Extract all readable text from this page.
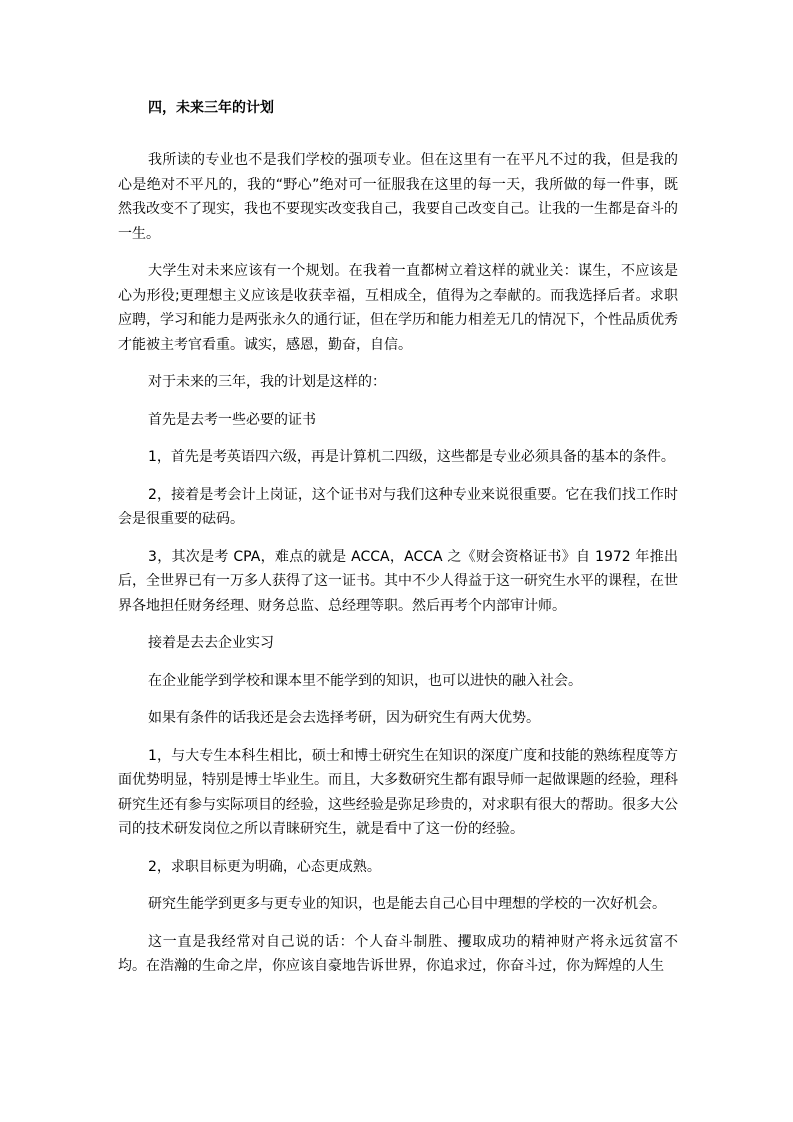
四，未来三年的计划

我所读的专业也不是我们学校的强项专业。但在这里有一在平凡不过的我，但是我的心是绝对不平凡的，我的“野心”绝对可一征服我在这里的每一天，我所做的每一件事，既然我改变不了现实，我也不要现实改变我自己，我要自己改变自己。让我的一生都是奋斗的一生。

大学生对未来应该有一个规划。在我着一直都树立着这样的就业关：谋生，不应该是心为形役;更理想主义应该是收获幸福，互相成全，值得为之奉献的。而我选择后者。求职应聘，学习和能力是两张永久的通行证，但在学历和能力相差无几的情况下，个性品质优秀才能被主考官看重。诚实，感恩，勤奋，自信。

对于未来的三年，我的计划是这样的：

首先是去考一些必要的证书

1，首先是考英语四六级，再是计算机二四级，这些都是专业必须具备的基本的条件。

2，接着是考会计上岗证，这个证书对与我们这种专业来说很重要。它在我们找工作时会是很重要的砝码。

3，其次是考 CPA，难点的就是 ACCA，ACCA 之《财会资格证书》自 1972 年推出后，全世界已有一万多人获得了这一证书。其中不少人得益于这一研究生水平的课程，在世界各地担任财务经理、财务总监、总经理等职。然后再考个内部审计师。

接着是去去企业实习

在企业能学到学校和课本里不能学到的知识，也可以进快的融入社会。

如果有条件的话我还是会去选择考研，因为研究生有两大优势。

1，与大专生本科生相比，硕士和博士研究生在知识的深度广度和技能的熟练程度等方面优势明显，特别是博士毕业生。而且，大多数研究生都有跟导师一起做课题的经验，理科研究生还有参与实际项目的经验，这些经验是弥足珍贵的，对求职有很大的帮助。很多大公司的技术研发岗位之所以青睐研究生，就是看中了这一份的经验。

2，求职目标更为明确，心态更成熟。

研究生能学到更多与更专业的知识，也是能去自己心目中理想的学校的一次好机会。

这一直是我经常对自己说的话：个人奋斗制胜、攫取成功的精神财产将永远贫富不均。在浩瀚的生命之岸，你应该自豪地告诉世界，你追求过，你奋斗过，你为辉煌的人生
